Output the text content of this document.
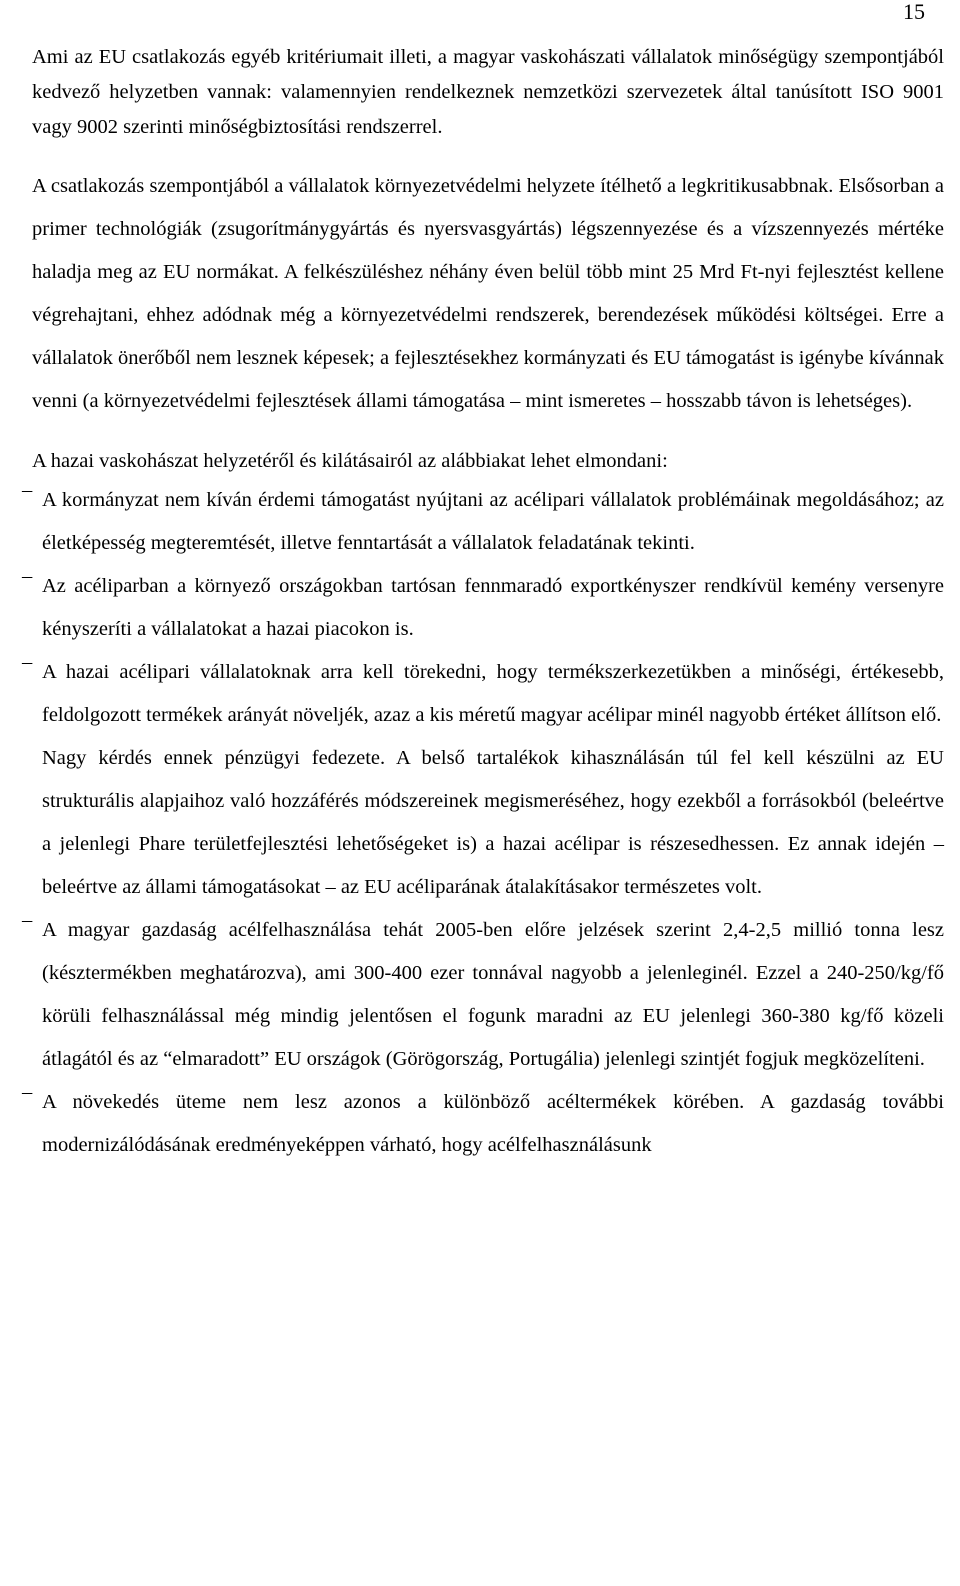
15

Ami az EU csatlakozás egyéb kritériumait illeti, a magyar vaskohászati vállalatok minőségügy szempontjából kedvező helyzetben vannak: valamennyien rendelkeznek nemzetközi szervezetek által tanúsított ISO 9001 vagy 9002 szerinti minőségbiztosítási rendszerrel.

A csatlakozás szempontjából a vállalatok környezetvédelmi helyzete ítélhető a legkritikusabbnak. Elsősorban a primer technológiák (zsugorítmánygyártás és nyersvasgyártás) légszennyezése és a vízszennyezés mértéke haladja meg az EU normákat. A felkészüléshez néhány éven belül több mint 25 Mrd Ft-nyi fejlesztést kellene végrehajtani, ehhez adódnak még a környezetvédelmi rendszerek, berendezések működési költségei. Erre a vállalatok önerőből nem lesznek képesek; a fejlesztésekhez kormányzati és EU támogatást is igénybe kívánnak venni (a környezetvédelmi fejlesztések állami támogatása – mint ismeretes – hosszabb távon is lehetséges).

A hazai vaskohászat helyzetéről és kilátásairól az alábbiakat lehet elmondani:

– A kormányzat nem kíván érdemi támogatást nyújtani az acélipari vállalatok problémáinak megoldásához; az életképesség megteremtését, illetve fenntartását a vállalatok feladatának tekinti.

– Az acéliparban a környező országokban tartósan fennmaradó exportkényszer rendkívül kemény versenyre kényszeríti a vállalatokat a hazai piacokon is.

– A hazai acélipari vállalatoknak arra kell törekedni, hogy termékszerkezetükben a minőségi, értékesebb, feldolgozott termékek arányát növeljék, azaz a kis méretű magyar acélipar minél nagyobb értéket állítson elő.

Nagy kérdés ennek pénzügyi fedezete. A belső tartalékok kihasználásán túl fel kell készülni az EU strukturális alapjaihoz való hozzáférés módszereinek megismeréséhez, hogy ezekből a forrásokból (beleértve a jelenlegi Phare területfejlesztési lehetőségeket is) a hazai acélipar is részesedhessen. Ez annak idején – beleértve az állami támogatásokat – az EU acéliparának átalakításakor természetes volt.

– A magyar gazdaság acélfelhasználása tehát 2005-ben előre jelzések szerint 2,4-2,5 millió tonna lesz (késztermékben meghatározva), ami 300-400 ezer tonnával nagyobb a jelenleginél. Ezzel a 240-250/kg/fő körüli felhasználással még mindig jelentősen el fogunk maradni az EU jelenlegi 360-380 kg/fő közeli átlagától és az “elmaradott” EU országok (Görögország, Portugália) jelenlegi szintjét fogjuk megközelíteni.

– A növekedés üteme nem lesz azonos a különböző acéltermékek körében. A gazdaság további modernizálódásának eredményeképpen várható, hogy acélfelhasználásunk
